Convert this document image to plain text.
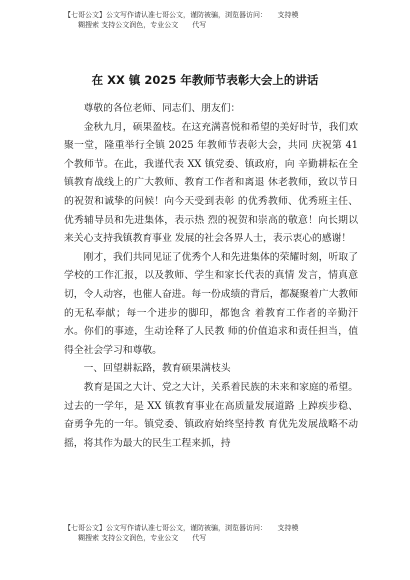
【七哥公文】公文写作请认准七哥公文，谨防被骗，浏览器访问：　　支持模
糊搜索 支持公文润色，专业公文　　代写
在 XX 镇 2025 年教师节表彰大会上的讲话

尊敬的各位老师、同志们、朋友们：

金秋九月，硕果盈枝。在这充满喜悦和希望的美好时节，我们欢聚一堂，隆重举行全镇 2025 年教师节表彰大会，共同 庆祝第 41 个教师节。在此，我谨代表 XX 镇党委、镇政府，向 辛勤耕耘在全镇教育战线上的广大教师、教育工作者和离退 休老教师，致以节日的祝贺和诚挚的问候！向今天受到表彰 的优秀教师、优秀班主任、优秀辅导员和先进集体，表示热 烈的祝贺和崇高的敬意！向长期以来关心支持我镇教育事业 发展的社会各界人士，表示衷心的感谢！

刚才，我们共同见证了优秀个人和先进集体的荣耀时刻，听取了学校的工作汇报，以及教师、学生和家长代表的真情 发言，情真意切，令人动容，也催人奋进。每一份成绩的背后，都凝聚着广大教师的无私奉献；每一个进步的脚印，都饱含 着教育工作者的辛勤汗水。你们的事迹，生动诠释了人民教 师的价值追求和责任担当，值得全社会学习和尊敬。

一、回望耕耘路，教育硕果满枝头

教育是国之大计、党之大计，关系着民族的未来和家庭的希望。过去的一学年，是 XX 镇教育事业在高质量发展道路 上踔疾步稳、奋勇争先的一年。镇党委、镇政府始终坚持教 育优先发展战略不动摇，将其作为最大的民生工程来抓，持

【七哥公文】公文写作请认准七哥公文，谨防被骗，浏览器访问：　　支持模
糊搜索 支持公文润色，专业公文　　代写
